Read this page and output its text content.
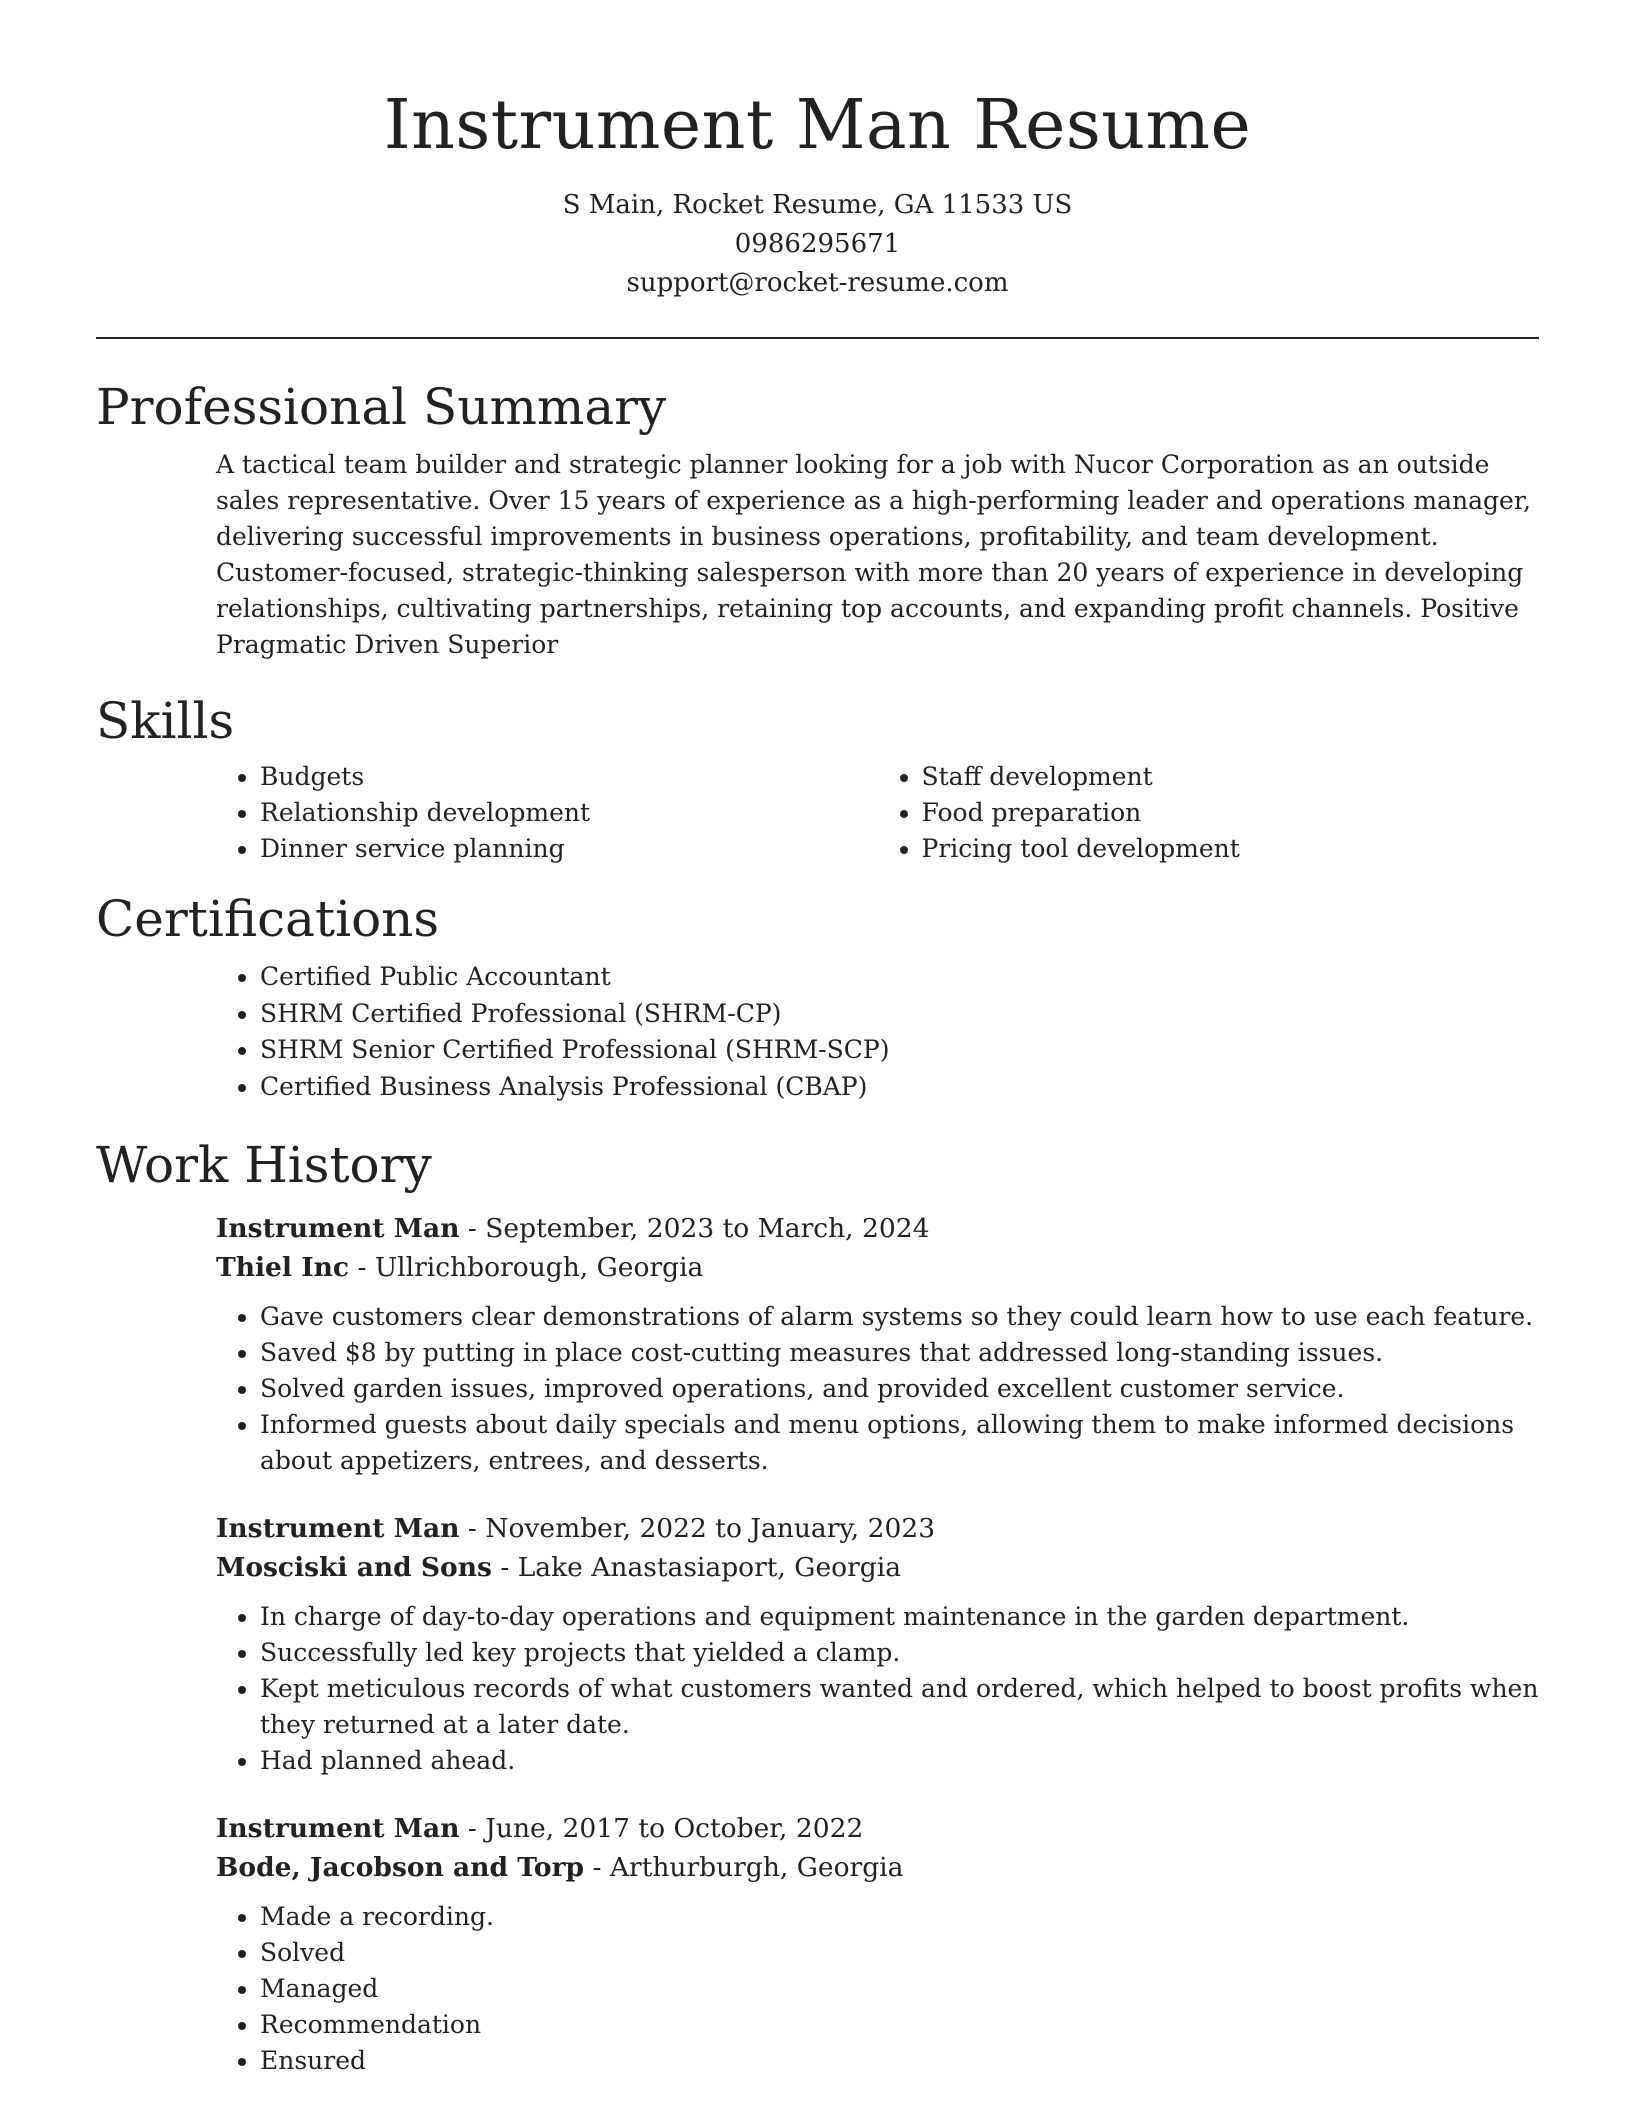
Instrument Man Resume
S Main, Rocket Resume, GA 11533 US
0986295671
support@rocket-resume.com
Professional Summary

A tactical team builder and strategic planner looking for a job with Nucor Corporation as an outside sales representative. Over 15 years of experience as a high-performing leader and operations manager, delivering successful improvements in business operations, profitability, and team development. Customer-focused, strategic-thinking salesperson with more than 20 years of experience in developing relationships, cultivating partnerships, retaining top accounts, and expanding profit channels. Positive Pragmatic Driven Superior

Skills
• Budgets
• Relationship development
• Dinner service planning
• Staff development
• Food preparation
• Pricing tool development
Certifications
• Certified Public Accountant
• SHRM Certified Professional (SHRM-CP)
• SHRM Senior Certified Professional (SHRM-SCP)
• Certified Business Analysis Professional (CBAP)
Work History
Instrument Man - September, 2023 to March, 2024
Thiel Inc - Ullrichborough, Georgia
• Gave customers clear demonstrations of alarm systems so they could learn how to use each feature.
• Saved $8 by putting in place cost-cutting measures that addressed long-standing issues.
• Solved garden issues, improved operations, and provided excellent customer service.
• Informed guests about daily specials and menu options, allowing them to make informed decisions about appetizers, entrees, and desserts.
Instrument Man - November, 2022 to January, 2023
Mosciski and Sons - Lake Anastasiaport, Georgia
• In charge of day-to-day operations and equipment maintenance in the garden department.
• Successfully led key projects that yielded a clamp.
• Kept meticulous records of what customers wanted and ordered, which helped to boost profits when they returned at a later date.
• Had planned ahead.
Instrument Man - June, 2017 to October, 2022
Bode, Jacobson and Torp - Arthurburgh, Georgia
• Made a recording.
• Solved
• Managed
• Recommendation
• Ensured
